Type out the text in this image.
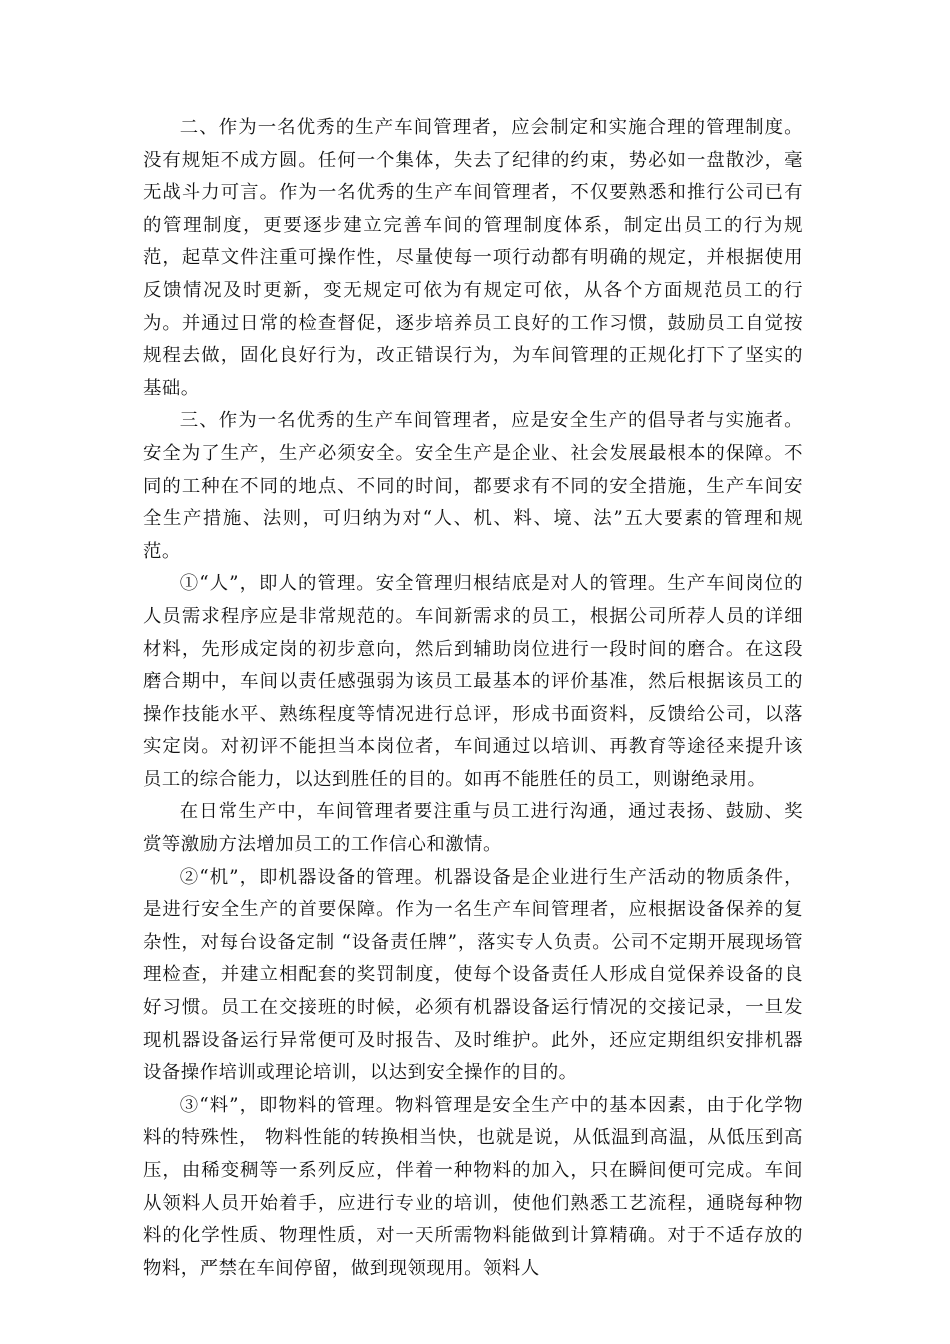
二、作为一名优秀的生产车间管理者，应会制定和实施合理的管理制度。没有规矩不成方圆。任何一个集体，失去了纪律的约束，势必如一盘散沙，毫无战斗力可言。作为一名优秀的生产车间管理者，不仅要熟悉和推行公司已有的管理制度，更要逐步建立完善车间的管理制度体系，制定出员工的行为规范，起草文件注重可操作性，尽量使每一项行动都有明确的规定，并根据使用反馈情况及时更新，变无规定可依为有规定可依，从各个方面规范员工的行为。并通过日常的检查督促，逐步培养员工良好的工作习惯，鼓励员工自觉按规程去做，固化良好行为，改正错误行为，为车间管理的正规化打下了坚实的基础。

三、作为一名优秀的生产车间管理者，应是安全生产的倡导者与实施者。安全为了生产，生产必须安全。安全生产是企业、社会发展最根本的保障。不同的工种在不同的地点、不同的时间，都要求有不同的安全措施，生产车间安全生产措施、法则，可归纳为对“人、机、料、境、法”五大要素的管理和规范。

①“人”，即人的管理。安全管理归根结底是对人的管理。生产车间岗位的人员需求程序应是非常规范的。车间新需求的员工，根据公司所荐人员的详细材料，先形成定岗的初步意向，然后到辅助岗位进行一段时间的磨合。在这段磨合期中，车间以责任感强弱为该员工最基本的评价基准，然后根据该员工的操作技能水平、熟练程度等情况进行总评，形成书面资料，反馈给公司，以落实定岗。对初评不能担当本岗位者，车间通过以培训、再教育等途径来提升该员工的综合能力，以达到胜任的目的。如再不能胜任的员工，则谢绝录用。

在日常生产中，车间管理者要注重与员工进行沟通，通过表扬、鼓励、奖赏等激励方法增加员工的工作信心和激情。

②“机”，即机器设备的管理。机器设备是企业进行生产活动的物质条件，是进行安全生产的首要保障。作为一名生产车间管理者，应根据设备保养的复杂性，对每台设备定制 “设备责任牌”，落实专人负责。公司不定期开展现场管理检查，并建立相配套的奖罚制度，使每个设备责任人形成自觉保养设备的良好习惯。员工在交接班的时候，必须有机器设备运行情况的交接记录，一旦发现机器设备运行异常便可及时报告、及时维护。此外，还应定期组织安排机器设备操作培训或理论培训，以达到安全操作的目的。

③“料”，即物料的管理。物料管理是安全生产中的基本因素，由于化学物料的特殊性， 物料性能的转换相当快，也就是说，从低温到高温，从低压到高压，由稀变稠等一系列反应，伴着一种物料的加入，只在瞬间便可完成。车间从领料人员开始着手，应进行专业的培训，使他们熟悉工艺流程，通晓每种物料的化学性质、物理性质，对一天所需物料能做到计算精确。对于不适存放的物料，严禁在车间停留，做到现领现用。领料人
